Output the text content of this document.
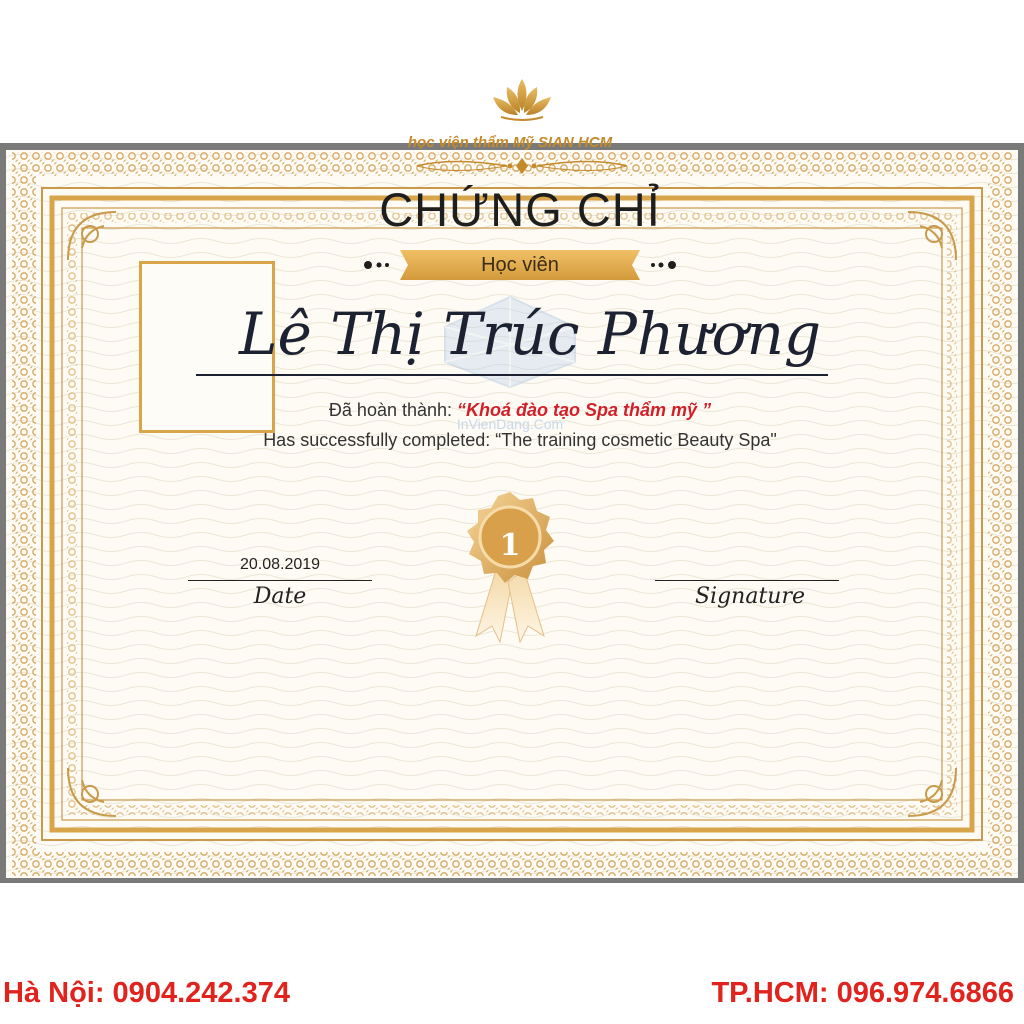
học viện thẩm Mỹ SIAN HCM
CHỨNG CHỈ
Học viên
Lê Thị Trúc Phương
Đã hoàn thành: “Khoá đào tạo Spa thẩm mỹ ”
InVienDang.Com
Has successfully completed: “The training cosmetic Beauty Spa"
20.08.2019
Date
1
Signature
Hà Nội: 0904.242.374	TP.HCM: 096.974.6866
